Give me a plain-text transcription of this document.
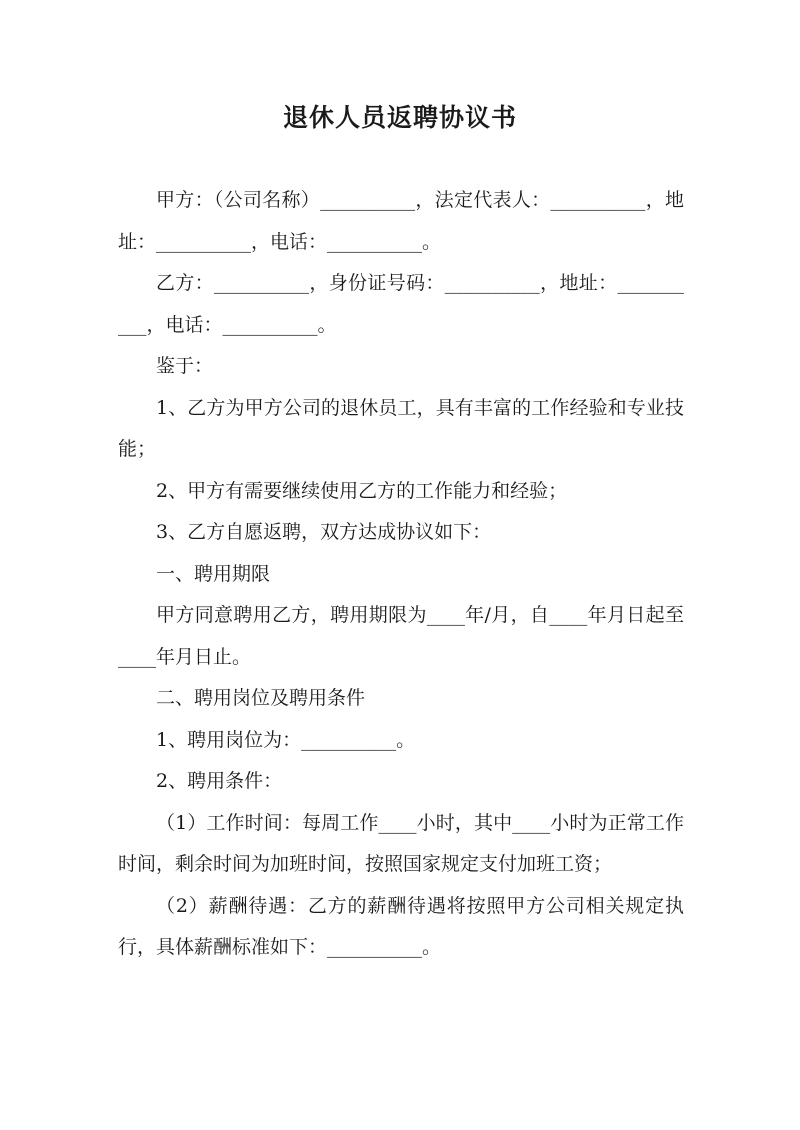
退休人员返聘协议书

甲方：（公司名称）__________，法定代表人：__________，地址：__________，电话：__________。

乙方：__________，身份证号码：__________，地址：__________，电话：__________。

鉴于：

1、乙方为甲方公司的退休员工，具有丰富的工作经验和专业技能；

2、甲方有需要继续使用乙方的工作能力和经验；

3、乙方自愿返聘，双方达成协议如下：

一、聘用期限

甲方同意聘用乙方，聘用期限为____年/月，自____年月日起至____年月日止。

二、聘用岗位及聘用条件

1、聘用岗位为：__________。

2、聘用条件：

（1）工作时间：每周工作____小时，其中____小时为正常工作时间，剩余时间为加班时间，按照国家规定支付加班工资；

（2）薪酬待遇：乙方的薪酬待遇将按照甲方公司相关规定执行，具体薪酬标准如下：__________。
